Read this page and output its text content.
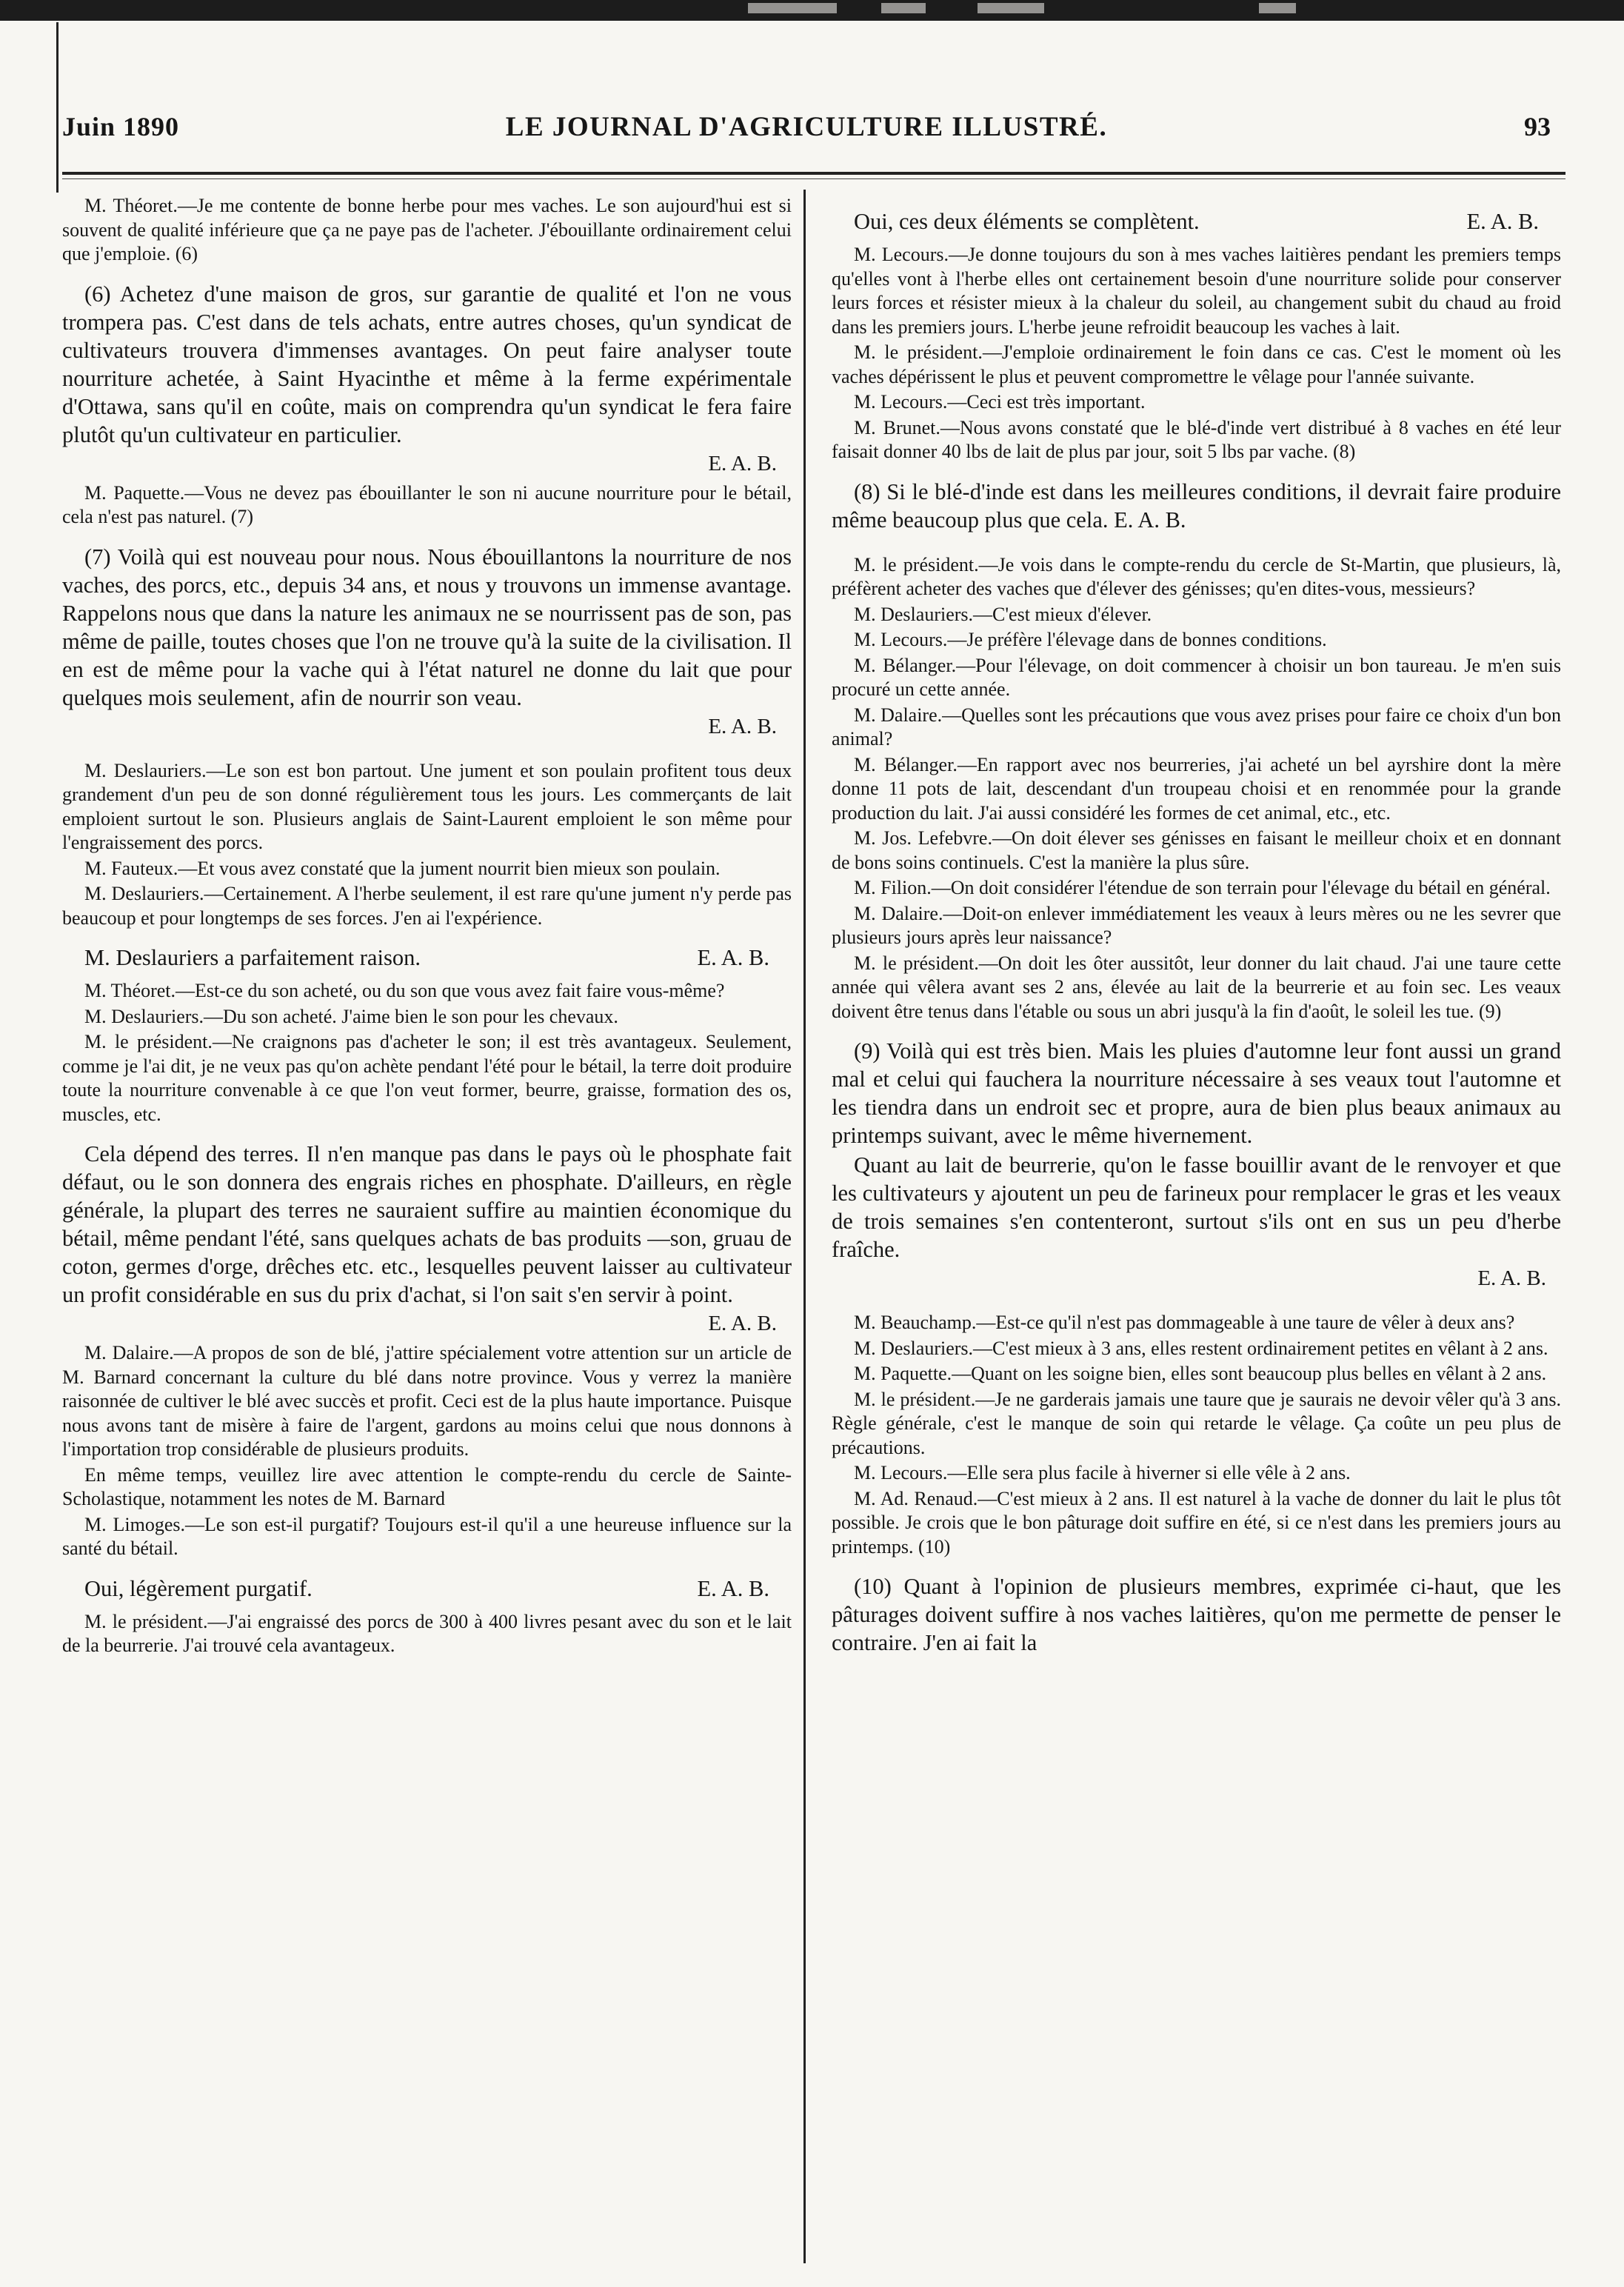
Juin 1890	LE JOURNAL D'AGRICULTURE ILLUSTRÉ.	93

M. Théoret.—Je me contente de bonne herbe pour mes vaches. Le son aujourd'hui est si souvent de qualité inférieure que ça ne paye pas de l'acheter. J'ébouillante ordinairement celui que j'emploie. (6)

(6) Achetez d'une maison de gros, sur garantie de qualité et l'on ne vous trompera pas. C'est dans de tels achats, entre autres choses, qu'un syndicat de cultivateurs trouvera d'immenses avantages. On peut faire analyser toute nourriture achetée, à Saint Hyacinthe et même à la ferme expérimentale d'Ottawa, sans qu'il en coûte, mais on comprendra qu'un syndicat le fera faire plutôt qu'un cultivateur en particulier.

E. A. B.

M. Paquette.—Vous ne devez pas ébouillanter le son ni aucune nourriture pour le bétail, cela n'est pas naturel. (7)

(7) Voilà qui est nouveau pour nous. Nous ébouillantons la nourriture de nos vaches, des porcs, etc., depuis 34 ans, et nous y trouvons un immense avantage. Rappelons nous que dans la nature les animaux ne se nourrissent pas de son, pas même de paille, toutes choses que l'on ne trouve qu'à la suite de la civilisation. Il en est de même pour la vache qui à l'état naturel ne donne du lait que pour quelques mois seulement, afin de nourrir son veau.

E. A. B.

M. Deslauriers.—Le son est bon partout. Une jument et son poulain profitent tous deux grandement d'un peu de son donné régulièrement tous les jours. Les commerçants de lait emploient surtout le son. Plusieurs anglais de Saint-Laurent emploient le son même pour l'engraissement des porcs.

M. Fauteux.—Et vous avez constaté que la jument nourrit bien mieux son poulain.

M. Deslauriers.—Certainement. A l'herbe seulement, il est rare qu'une jument n'y perde pas beaucoup et pour longtemps de ses forces. J'en ai l'expérience.

M. Deslauriers a parfaitement raison.	E. A. B.

M. Théoret.—Est-ce du son acheté, ou du son que vous avez fait faire vous-même?

M. Deslauriers.—Du son acheté. J'aime bien le son pour les chevaux.

M. le président.—Ne craignons pas d'acheter le son; il est très avantageux. Seulement, comme je l'ai dit, je ne veux pas qu'on achète pendant l'été pour le bétail, la terre doit produire toute la nourriture convenable à ce que l'on veut former, beurre, graisse, formation des os, muscles, etc.

Cela dépend des terres. Il n'en manque pas dans le pays où le phosphate fait défaut, ou le son donnera des engrais riches en phosphate. D'ailleurs, en règle générale, la plupart des terres ne sauraient suffire au maintien économique du bétail, même pendant l'été, sans quelques achats de bas produits —son, gruau de coton, germes d'orge, drêches etc. etc., lesquelles peuvent laisser au cultivateur un profit considérable en sus du prix d'achat, si l'on sait s'en servir à point.

E. A. B.

M. Dalaire.—A propos de son de blé, j'attire spécialement votre attention sur un article de M. Barnard concernant la culture du blé dans notre province. Vous y verrez la manière raisonnée de cultiver le blé avec succès et profit. Ceci est de la plus haute importance. Puisque nous avons tant de misère à faire de l'argent, gardons au moins celui que nous donnons à l'importation trop considérable de plusieurs produits.

En même temps, veuillez lire avec attention le compte-rendu du cercle de Sainte-Scholastique, notamment les notes de M. Barnard

M. Limoges.—Le son est-il purgatif? Toujours est-il qu'il a une heureuse influence sur la santé du bétail.

Oui, légèrement purgatif.	E. A. B.

M. le président.—J'ai engraissé des porcs de 300 à 400 livres pesant avec du son et le lait de la beurrerie. J'ai trouvé cela avantageux.

Oui, ces deux éléments se complètent.	E. A. B.

M. Lecours.—Je donne toujours du son à mes vaches laitières pendant les premiers temps qu'elles vont à l'herbe elles ont certainement besoin d'une nourriture solide pour conserver leurs forces et résister mieux à la chaleur du soleil, au changement subit du chaud au froid dans les premiers jours. L'herbe jeune refroidit beaucoup les vaches à lait.

M. le président.—J'emploie ordinairement le foin dans ce cas. C'est le moment où les vaches dépérissent le plus et peuvent compromettre le vêlage pour l'année suivante.

M. Lecours.—Ceci est très important.

M. Brunet.—Nous avons constaté que le blé-d'inde vert distribué à 8 vaches en été leur faisait donner 40 lbs de lait de plus par jour, soit 5 lbs par vache. (8)

(8) Si le blé-d'inde est dans les meilleures conditions, il devrait faire produire même beaucoup plus que cela. E. A. B.

M. le président.—Je vois dans le compte-rendu du cercle de St-Martin, que plusieurs, là, préfèrent acheter des vaches que d'élever des génisses; qu'en dites-vous, messieurs?

M. Deslauriers.—C'est mieux d'élever.

M. Lecours.—Je préfère l'élevage dans de bonnes conditions.

M. Bélanger.—Pour l'élevage, on doit commencer à choisir un bon taureau. Je m'en suis procuré un cette année.

M. Dalaire.—Quelles sont les précautions que vous avez prises pour faire ce choix d'un bon animal?

M. Bélanger.—En rapport avec nos beurreries, j'ai acheté un bel ayrshire dont la mère donne 11 pots de lait, descendant d'un troupeau choisi et en renommée pour la grande production du lait. J'ai aussi considéré les formes de cet animal, etc., etc.

M. Jos. Lefebvre.—On doit élever ses génisses en faisant le meilleur choix et en donnant de bons soins continuels. C'est la manière la plus sûre.

M. Filion.—On doit considérer l'étendue de son terrain pour l'élevage du bétail en général.

M. Dalaire.—Doit-on enlever immédiatement les veaux à leurs mères ou ne les sevrer que plusieurs jours après leur naissance?

M. le président.—On doit les ôter aussitôt, leur donner du lait chaud. J'ai une taure cette année qui vêlera avant ses 2 ans, élevée au lait de la beurrerie et au foin sec. Les veaux doivent être tenus dans l'étable ou sous un abri jusqu'à la fin d'août, le soleil les tue. (9)

(9) Voilà qui est très bien. Mais les pluies d'automne leur font aussi un grand mal et celui qui fauchera la nourriture nécessaire à ses veaux tout l'automne et les tiendra dans un endroit sec et propre, aura de bien plus beaux animaux au printemps suivant, avec le même hivernement.

Quant au lait de beurrerie, qu'on le fasse bouillir avant de le renvoyer et que les cultivateurs y ajoutent un peu de farineux pour remplacer le gras et les veaux de trois semaines s'en contenteront, surtout s'ils ont en sus un peu d'herbe fraîche.

E. A. B.

M. Beauchamp.—Est-ce qu'il n'est pas dommageable à une taure de vêler à deux ans?

M. Deslauriers.—C'est mieux à 3 ans, elles restent ordinairement petites en vêlant à 2 ans.

M. Paquette.—Quant on les soigne bien, elles sont beaucoup plus belles en vêlant à 2 ans.

M. le président.—Je ne garderais jamais une taure que je saurais ne devoir vêler qu'à 3 ans. Règle générale, c'est le manque de soin qui retarde le vêlage. Ça coûte un peu plus de précautions.

M. Lecours.—Elle sera plus facile à hiverner si elle vêle à 2 ans.

M. Ad. Renaud.—C'est mieux à 2 ans. Il est naturel à la vache de donner du lait le plus tôt possible. Je crois que le bon pâturage doit suffire en été, si ce n'est dans les premiers jours au printemps. (10)

(10) Quant à l'opinion de plusieurs membres, exprimée ci-haut, que les pâturages doivent suffire à nos vaches laitières, qu'on me permette de penser le contraire. J'en ai fait la
